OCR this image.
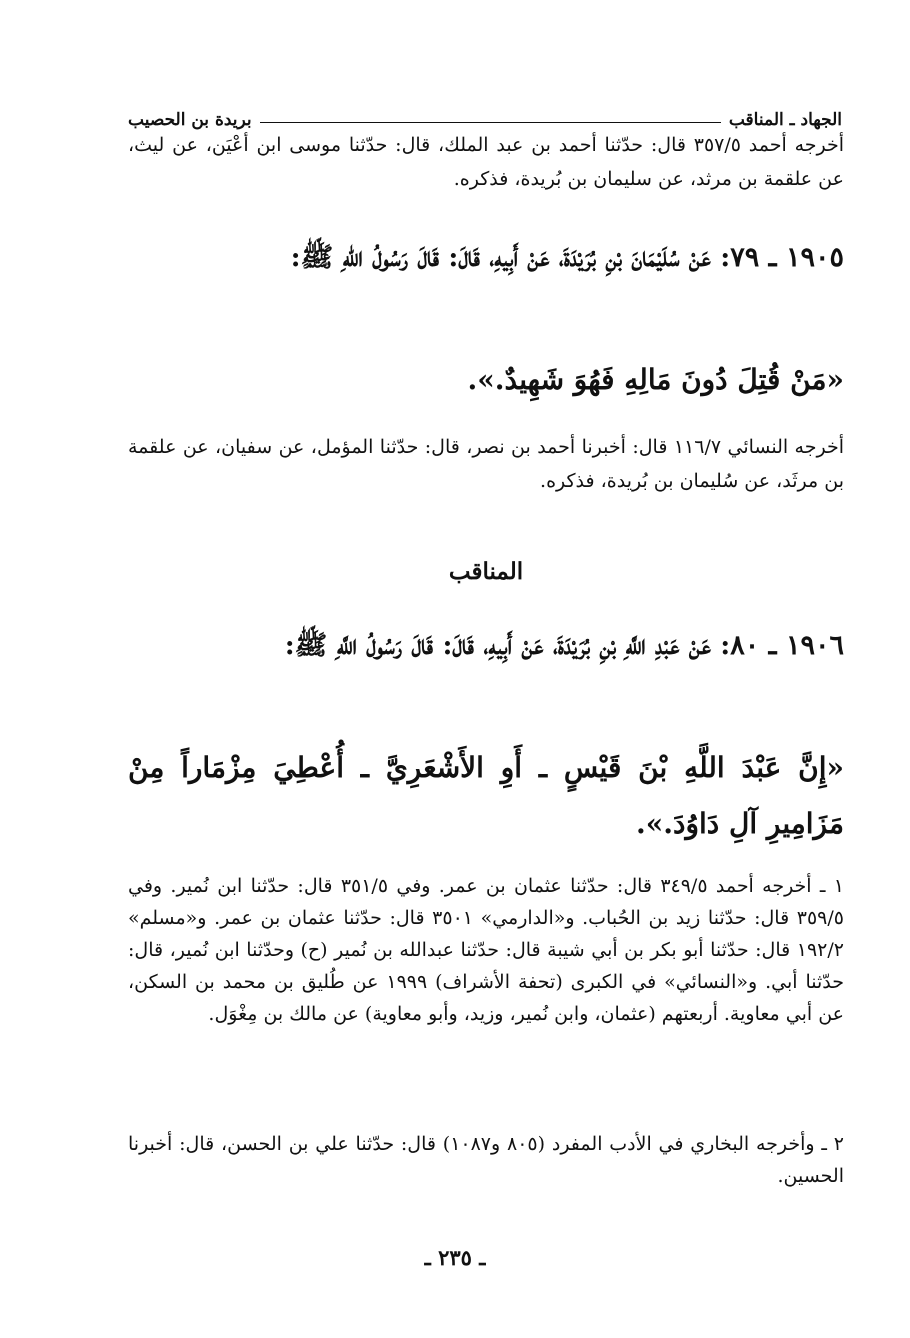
الجهاد ـ المناقب
بريدة بن الحصيب

أخرجه أحمد ٣٥٧/٥ قال: حدّثنا أحمد بن عبد الملك، قال: حدّثنا موسى ابن أعْيَن، عن ليث، عن علقمة بن مرثد، عن سليمان بن بُريدة، فذكره.

١٩٠٥ ـ ٧٩: عَنْ سُلَيْمَانَ بْنِ بُرَيْدَةَ، عَنْ أَبِيهِ، قَالَ: قَالَ رَسُولُ اللهِ ﷺ:

«مَنْ قُتِلَ دُونَ مَالِهِ فَهُوَ شَهِيدٌ.».

أخرجه النسائي ١١٦/٧ قال: أخبرنا أحمد بن نصر، قال: حدّثنا المؤمل، عن سفيان، عن علقمة بن مرثَد، عن سُليمان بن بُريدة، فذكره.

المناقب

١٩٠٦ ـ ٨٠: عَنْ عَبْدِ اللَّهِ بْنِ بُرَيْدَةَ، عَنْ أَبِيهِ، قَالَ: قَالَ رَسُولُ اللَّهِ ﷺ:

«إِنَّ عَبْدَ اللَّهِ بْنَ قَيْسٍ ـ أَوِ الأَشْعَرِيَّ ـ أُعْطِيَ مِزْمَاراً مِنْ مَزَامِيرِ آلِ دَاوُدَ.».

١ ـ أخرجه أحمد ٣٤٩/٥ قال: حدّثنا عثمان بن عمر. وفي ٣٥١/٥ قال: حدّثنا ابن نُمير. وفي ٣٥٩/٥ قال: حدّثنا زيد بن الحُباب. و«الدارمي» ٣٥٠١ قال: حدّثنا عثمان بن عمر. و«مسلم» ١٩٢/٢ قال: حدّثنا أبو بكر بن أبي شيبة قال: حدّثنا عبدالله بن نُمير (ح) وحدّثنا ابن نُمير، قال: حدّثنا أبي. و«النسائي» في الكبرى (تحفة الأشراف) ١٩٩٩ عن طُليق بن محمد بن السكن، عن أبي معاوية. أربعتهم (عثمان، وابن نُمير، وزيد، وأبو معاوية) عن مالك بن مِغْوَل.

٢ ـ وأخرجه البخاري في الأدب المفرد (٨٠٥ و١٠٨٧) قال: حدّثنا علي بن الحسن، قال: أخبرنا الحسين.

ـ ٢٣٥ ـ
